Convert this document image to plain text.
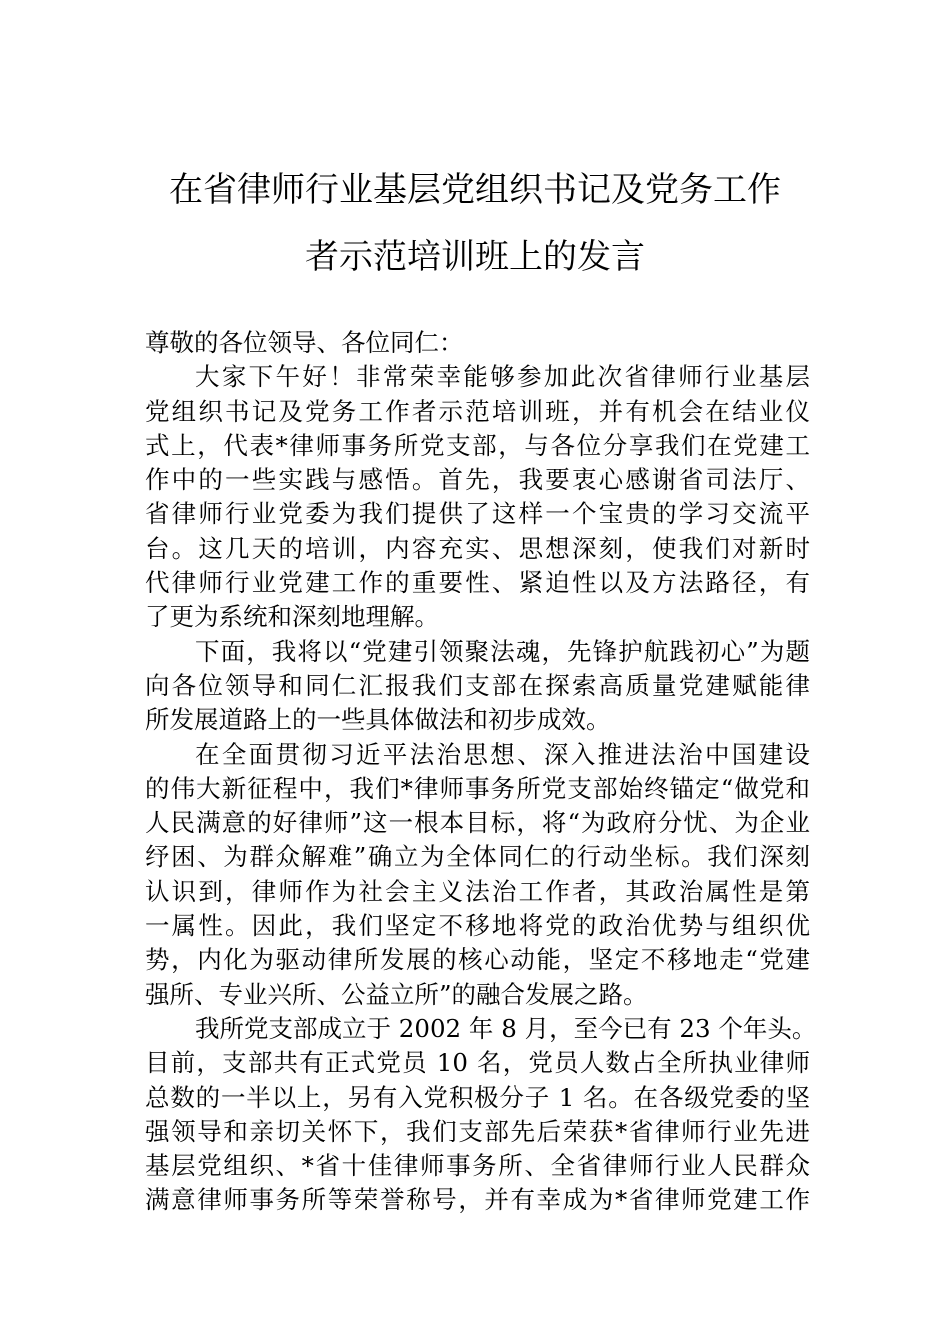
在省律师行业基层党组织书记及党务工作
者示范培训班上的发言
尊敬的各位领导、各位同仁：
大家下午好！非常荣幸能够参加此次省律师行业基层
党组织书记及党务工作者示范培训班，并有机会在结业仪
式上，代表*律师事务所党支部，与各位分享我们在党建工
作中的一些实践与感悟。首先，我要衷心感谢省司法厅、
省律师行业党委为我们提供了这样一个宝贵的学习交流平
台。这几天的培训，内容充实、思想深刻，使我们对新时
代律师行业党建工作的重要性、紧迫性以及方法路径，有
了更为系统和深刻地理解。
下面，我将以“党建引领聚法魂，先锋护航践初心”为题
向各位领导和同仁汇报我们支部在探索高质量党建赋能律
所发展道路上的一些具体做法和初步成效。
在全面贯彻习近平法治思想、深入推进法治中国建设
的伟大新征程中，我们*律师事务所党支部始终锚定“做党和
人民满意的好律师”这一根本目标，将“为政府分忧、为企业
纾困、为群众解难”确立为全体同仁的行动坐标。我们深刻
认识到，律师作为社会主义法治工作者，其政治属性是第
一属性。因此，我们坚定不移地将党的政治优势与组织优
势，内化为驱动律所发展的核心动能，坚定不移地走“党建
强所、专业兴所、公益立所”的融合发展之路。
我所党支部成立于 2002 年 8 月，至今已有 23 个年头。
目前，支部共有正式党员 10 名，党员人数占全所执业律师
总数的一半以上，另有入党积极分子 1 名。在各级党委的坚
强领导和亲切关怀下，我们支部先后荣获*省律师行业先进
基层党组织、*省十佳律师事务所、全省律师行业人民群众
满意律师事务所等荣誉称号，并有幸成为*省律师党建工作
